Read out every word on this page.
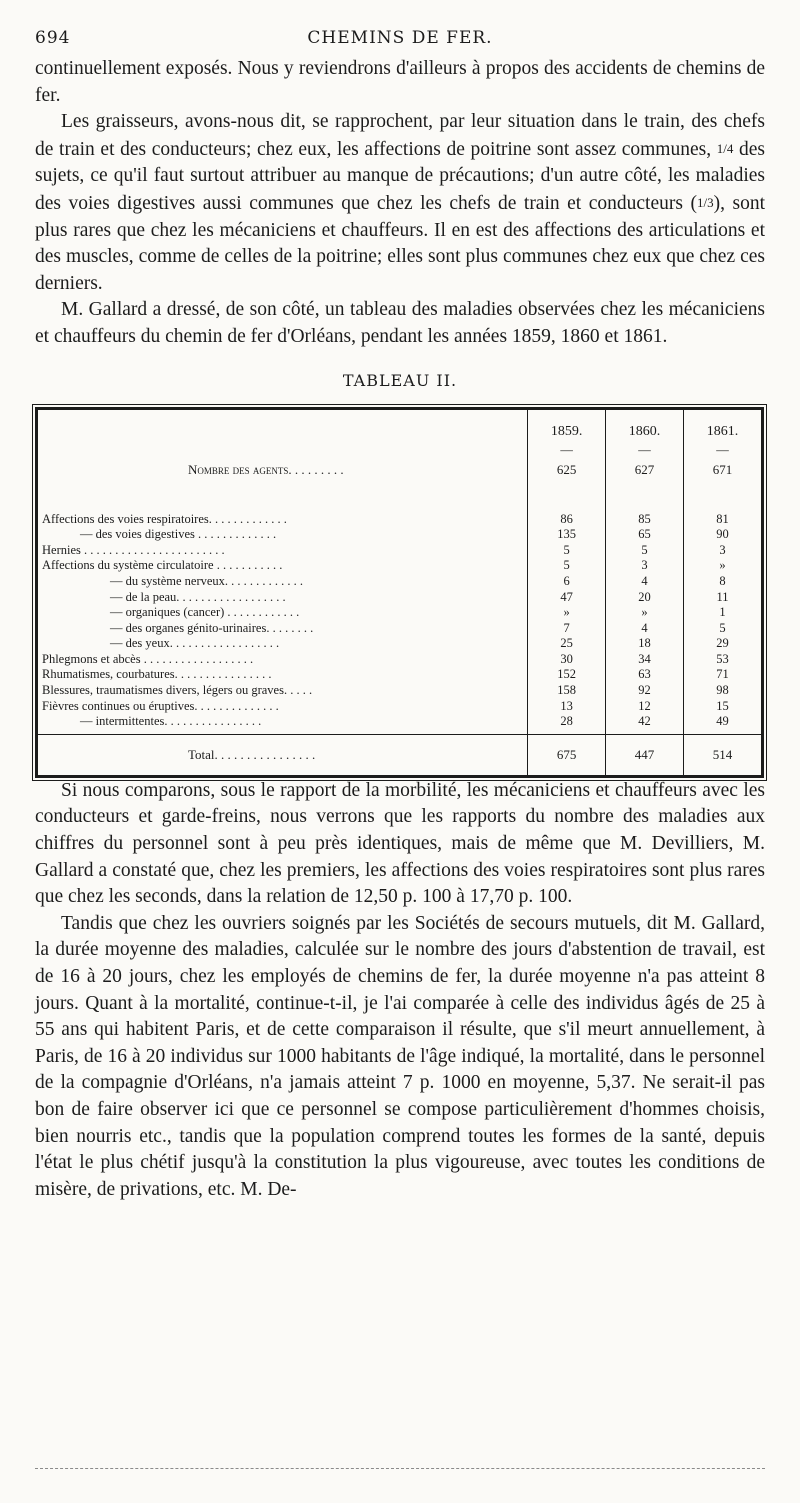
694	CHEMINS DE FER.

continuellement exposés. Nous y reviendrons d'ailleurs à propos des accidents de chemins de fer.

Les graisseurs, avons-nous dit, se rapprochent, par leur situation dans le train, des chefs de train et des conducteurs; chez eux, les affections de poitrine sont assez communes, 1/4 des sujets, ce qu'il faut surtout attribuer au manque de précautions; d'un autre côté, les maladies des voies digestives aussi communes que chez les chefs de train et conducteurs (1/3), sont plus rares que chez les mécaniciens et chauffeurs. Il en est des affections des articulations et des muscles, comme de celles de la poitrine; elles sont plus communes chez eux que chez ces derniers.

M. Gallard a dressé, de son côté, un tableau des maladies observées chez les mécaniciens et chauffeurs du chemin de fer d'Orléans, pendant les années 1859, 1860 et 1861.

TABLEAU II.
	1859.	1860.	1861.
	—	—	—
Nombre des agents. . . . . . . . .	625	627	671

Affections des voies respiratoires. . . . . . . . . . . . .	86	85	81
— des voies digestives . . . . . . . . . . . . .	135	65	90
Hernies . . . . . . . . . . . . . . . . . . . . . . .	5	5	3
Affections du système circulatoire . . . . . . . . . . .	5	3	»
— du système nerveux. . . . . . . . . . . . .	6	4	8
— de la peau. . . . . . . . . . . . . . . . . .	47	20	11
— organiques (cancer) . . . . . . . . . . . .	»	»	1
— des organes génito-urinaires. . . . . . . .	7	4	5
— des yeux. . . . . . . . . . . . . . . . . .	25	18	29
Phlegmons et abcès . . . . . . . . . . . . . . . . . .	30	34	53
Rhumatismes, courbatures. . . . . . . . . . . . . . . .	152	63	71
Blessures, traumatismes divers, légers ou graves. . . . .	158	92	98
Fièvres continues ou éruptives. . . . . . . . . . . . . .	13	12	15
— intermittentes. . . . . . . . . . . . . . . .	28	42	49

Total. . . . . . . . . . . . . . . .	675	447	514

Si nous comparons, sous le rapport de la morbilité, les mécaniciens et chauffeurs avec les conducteurs et garde-freins, nous verrons que les rapports du nombre des maladies aux chiffres du personnel sont à peu près identiques, mais de même que M. Devilliers, M. Gallard a constaté que, chez les premiers, les affections des voies respiratoires sont plus rares que chez les seconds, dans la relation de 12,50 p. 100 à 17,70 p. 100.

Tandis que chez les ouvriers soignés par les Sociétés de secours mutuels, dit M. Gallard, la durée moyenne des maladies, calculée sur le nombre des jours d'abstention de travail, est de 16 à 20 jours, chez les employés de chemins de fer, la durée moyenne n'a pas atteint 8 jours. Quant à la mortalité, continue-t-il, je l'ai comparée à celle des individus âgés de 25 à 55 ans qui habitent Paris, et de cette comparaison il résulte, que s'il meurt annuellement, à Paris, de 16 à 20 individus sur 1000 habitants de l'âge indiqué, la mortalité, dans le personnel de la compagnie d'Orléans, n'a jamais atteint 7 p. 1000 en moyenne, 5,37. Ne serait-il pas bon de faire observer ici que ce personnel se compose particulièrement d'hommes choisis, bien nourris etc., tandis que la population comprend toutes les formes de la santé, depuis l'état le plus chétif jusqu'à la constitution la plus vigoureuse, avec toutes les conditions de misère, de privations, etc. M. De-
